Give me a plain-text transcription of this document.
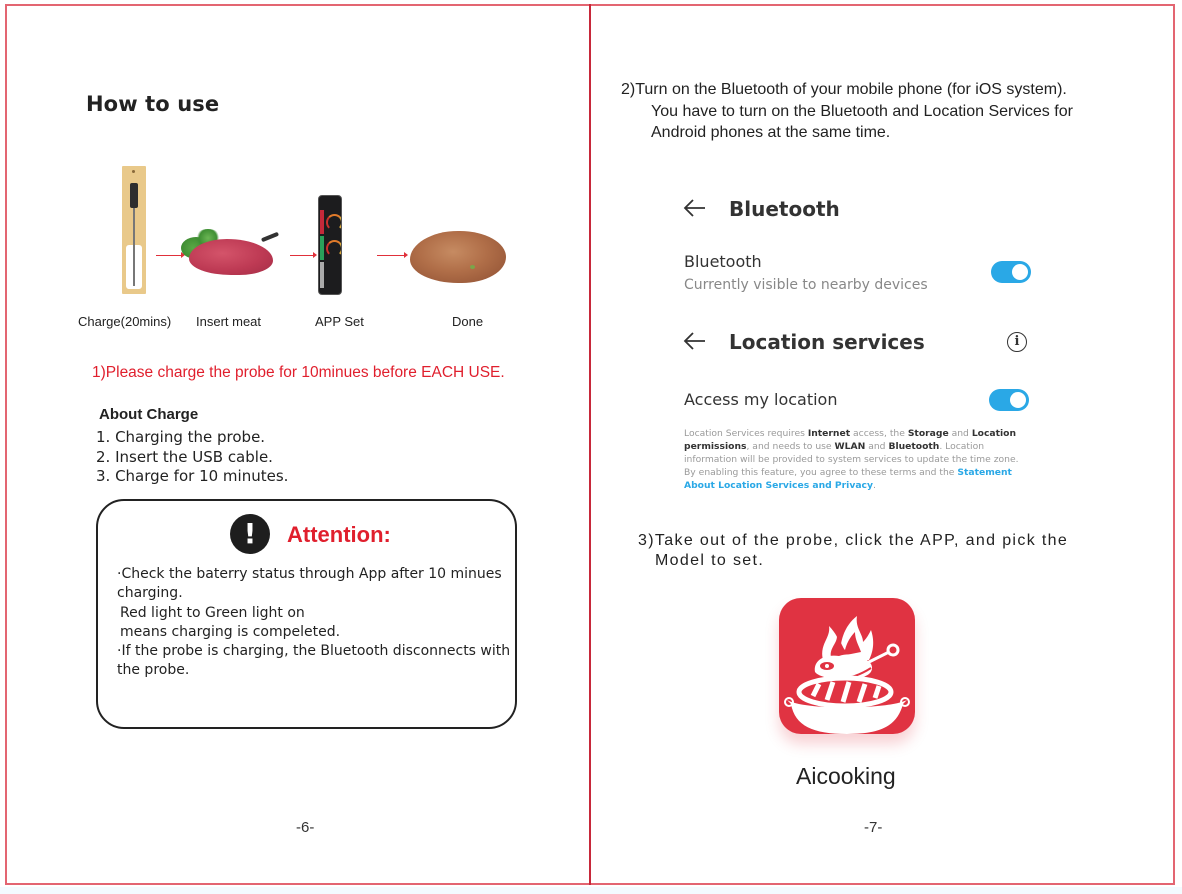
How to use
Charge(20mins) Insert meat	APP Set	Done
1)Please charge the probe for 10minues before EACH USE.
About Charge
1. Charging the probe.
2. Insert the USB cable.
3. Charge for 10 minutes.
!	Attention:

·Check the baterry status through App after 10 minues charging.

Red light to Green light on

means charging is compeleted.

·If the probe is charging, the Bluetooth disconnects with the probe.

-6-
2)Turn on the Bluetooth of your mobile phone (for iOS system).
You have to turn on the Bluetooth and Location Services for Android phones at the same time.
Bluetooth
Bluetooth
Currently visible to nearby devices
Location services	i
Access my location
Location Services requires Internet access, the Storage and Location permissions, and needs to use WLAN and Bluetooth. Location information will be provided to system services to update the time zone. By enabling this feature, you agree to these terms and the Statement About Location Services and Privacy.
3)Take out of the probe, click the APP, and pick the
Model to set.
Aicooking
-7-
